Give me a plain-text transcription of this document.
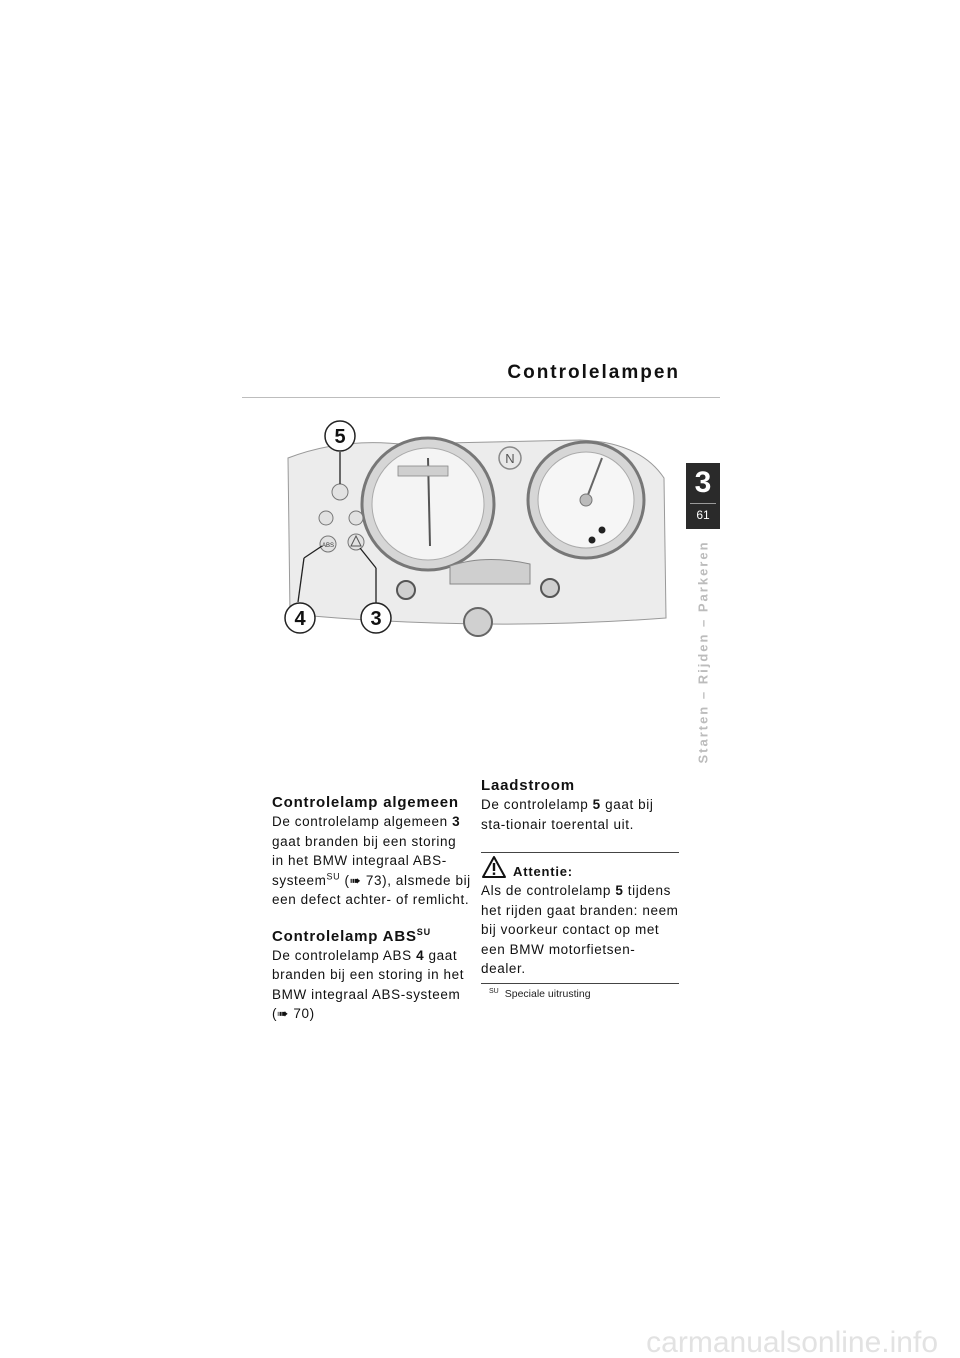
Controlelampen
3
61
Starten – Rijden – Parkeren
N
ABS
5
4	3

Controlelamp algemeen

De controlelamp algemeen 3 gaat branden bij een storing in het BMW integraal ABS-systeem$^{SU}$ (➠ 73), alsmede bij een defect achter- of remlicht.

Controlelamp $ABS^{SU}$

De controlelamp ABS 4 gaat branden bij een storing in het BMW integraal ABS-systeem (➠ 70)

Laadstroom

De controlelamp 5 gaat bij sta-tionair toerental uit.

Attentie:

Als de controlelamp 5 tijdens het rijden gaat branden: neem bij voorkeur contact op met een BMW motorfietsen-dealer.

$^{SU}$ Speciale uitrusting
carmanualsonline.info
